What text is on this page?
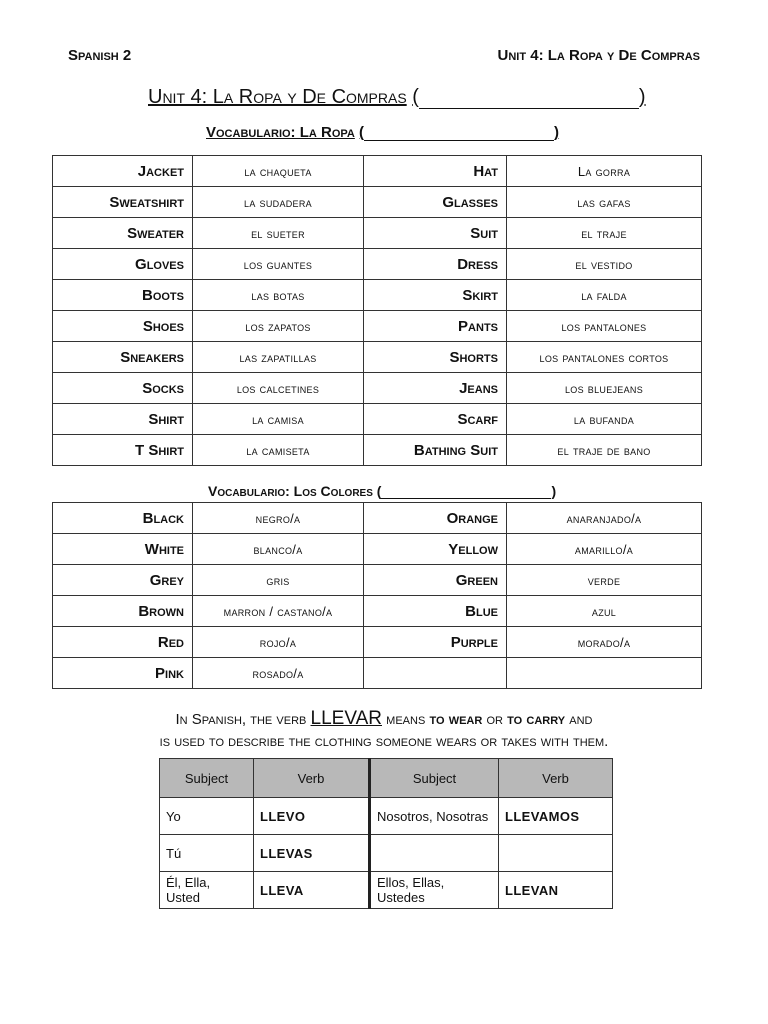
Spanish 2	Unit 4: La Ropa y De Compras
Unit 4: La Ropa y De Compras (	)
Vocabulario: La Ropa (	)
Jacket	la chaqueta	Hat	La gorra
Sweatshirt	la sudadera	Glasses	las gafas
Sweater	el sueter	Suit	el traje
Gloves	los guantes	Dress	el vestido
Boots	las botas	Skirt	la falda
Shoes	los zapatos	Pants	los pantalones
Sneakers	las zapatillas	Shorts	los pantalones cortos
Socks	los calcetines	Jeans	los bluejeans
Shirt	la camisa	Scarf	la bufanda
T Shirt	la camiseta	Bathing Suit	el traje de bano
Vocabulario: Los Colores (	)
Black	negro/a	Orange	anaranjado/a
White	blanco/a	Yellow	amarillo/a
Grey	gris	Green	verde
Brown	marron / castano/a	Blue	azul
Red	rojo/a	Purple	morado/a
Pink	rosado/a		
In Spanish, the verb LLEVAR means to wear or to carry and
is used to describe the clothing someone wears or takes with them.
Subject	Verb	Subject	Verb
Yo	LLEVO	Nosotros, Nosotras	LLEVAMOS
Tú	LLEVAS		
Él, Ella, Usted	LLEVA	Ellos, Ellas, Ustedes	LLEVAN
